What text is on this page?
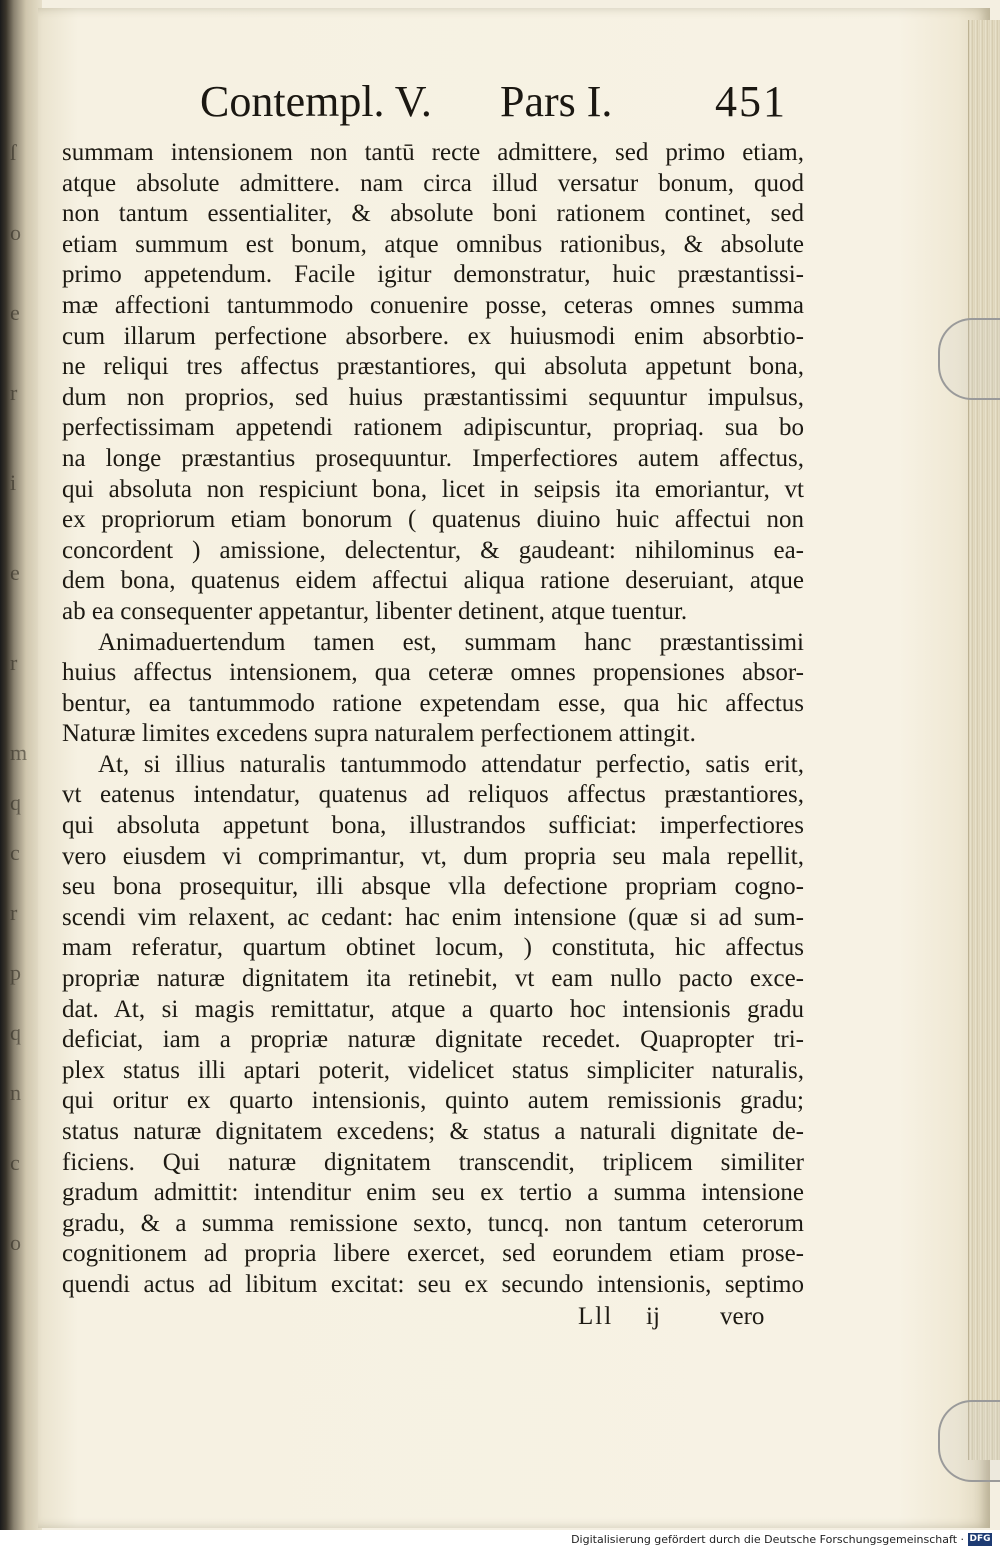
ſ
o
e
r
i
e
r
m
q
c
r
p
q
n
c
o
Contempl. V. Pars I. 451
summam intensionem non tantū recte admittere, sed primo etiam,
atque absolute admittere. nam circa illud versatur bonum, quod
non tantum essentialiter, & absolute boni rationem continet, sed
etiam summum est bonum, atque omnibus rationibus, & absolute
primo appetendum. Facile igitur demonstratur, huic præstantissi-
mæ affectioni tantummodo conuenire posse, ceteras omnes summa
cum illarum perfectione absorbere. ex huiusmodi enim absorbtio-
ne reliqui tres affectus præstantiores, qui absoluta appetunt bona,
dum non proprios, sed huius præstantissimi sequuntur impulsus,
perfectissimam appetendi rationem adipiscuntur, propriaq. sua bo
na longe præstantius prosequuntur. Imperfectiores autem affectus,
qui absoluta non respiciunt bona, licet in seipsis ita emoriantur, vt
ex propriorum etiam bonorum ( quatenus diuino huic affectui non
concordent ) amissione, delectentur, & gaudeant: nihilominus ea-
dem bona, quatenus eidem affectui aliqua ratione deseruiant, atque
ab ea consequenter appetantur, libenter detinent, atque tuentur.
Animaduertendum tamen est, summam hanc præstantissimi
huius affectus intensionem, qua ceteræ omnes propensiones absor-
bentur, ea tantummodo ratione expetendam esse, qua hic affectus
Naturæ limites excedens supra naturalem perfectionem attingit.
At, si illius naturalis tantummodo attendatur perfectio, satis erit,
vt eatenus intendatur, quatenus ad reliquos affectus præstantiores,
qui absoluta appetunt bona, illustrandos sufficiat: imperfectiores
vero eiusdem vi comprimantur, vt, dum propria seu mala repellit,
seu bona prosequitur, illi absque vlla defectione propriam cogno-
scendi vim relaxent, ac cedant: hac enim intensione (quæ si ad sum-
mam referatur, quartum obtinet locum, ) constituta, hic affectus
propriæ naturæ dignitatem ita retinebit, vt eam nullo pacto exce-
dat. At, si magis remittatur, atque a quarto hoc intensionis gradu
deficiat, iam a propriæ naturæ dignitate recedet. Quapropter tri-
plex status illi aptari poterit, videlicet status simpliciter naturalis,
qui oritur ex quarto intensionis, quinto autem remissionis gradu;
status naturæ dignitatem excedens; & status a naturali dignitate de-
ficiens. Qui naturæ dignitatem transcendit, triplicem similiter
gradum admittit: intenditur enim seu ex tertio a summa intensione
gradu, & a summa remissione sexto, tuncq. non tantum ceterorum
cognitionem ad propria libere exercet, sed eorundem etiam prose-
quendi actus ad libitum excitat: seu ex secundo intensionis, septimo
Lll ij vero
Digitalisierung gefördert durch die Deutsche Forschungsgemeinschaft · DFG
